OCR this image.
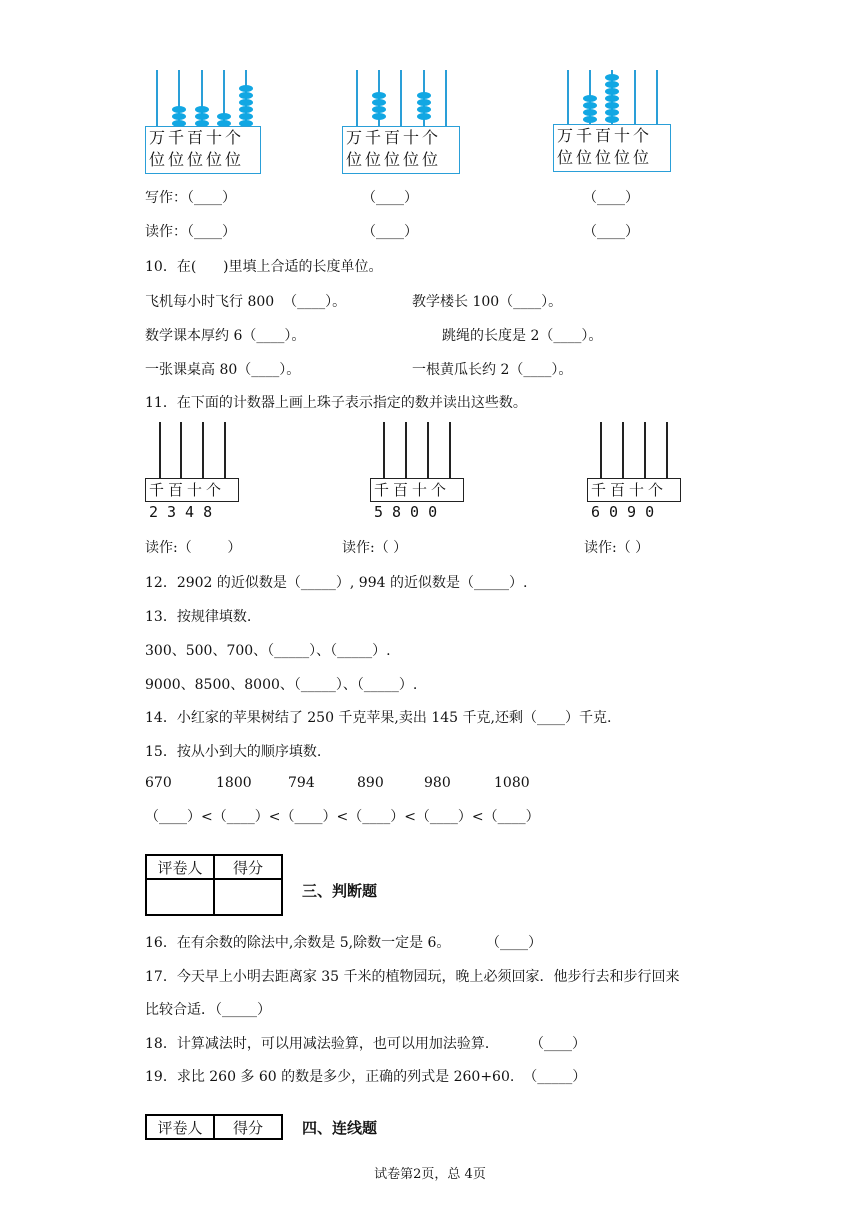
万千百十个
位位位位位
万千百十个
位位位位位
万千百十个
位位位位位
写作：（____）	（____）	（____）
读作：（____）	（____）	（____）
10．在(      )里填上合适的长度单位。
飞机每小时飞行 800  （____）。	教学楼长 100（____）。
数学课本厚约 6（____）。	跳绳的长度是 2（____）。
一张课桌高 80（____）。	一根黄瓜长约 2（____）。
11．在下面的计数器上画上珠子表示指定的数并读出这些数。
千百十个
2348
千百十个
5800
千百十个
6090
读作:（        ）	读作:（ ）	读作:（ ）
12．2902 的近似数是（_____）, 994 的近似数是（_____）.
13．按规律填数.
300、500、700、（_____）、（_____）.
9000、8500、8000、（_____）、（_____）.
14．小红家的苹果树结了 250 千克苹果,卖出 145 千克,还剩（____）千克.
15．按从小到大的顺序填数.
670	1800	794	890	980	1080
（____）<（____）<（____）<（____）<（____）<（____）
评卷人	得分

三、判断题
16．在有余数的除法中,余数是 5,除数一定是 6。        （____）
17．今天早上小明去距离家 35 千米的植物园玩，晚上必须回家．他步行去和步行回来
比较合适．（_____）
18．计算减法时，可以用减法验算，也可以用加法验算．       （____）
19．求比 260 多 60 的数是多少，正确的列式是 260+60.  （_____）
评卷人	得分	四、连线题
试卷第2页，总 4页
